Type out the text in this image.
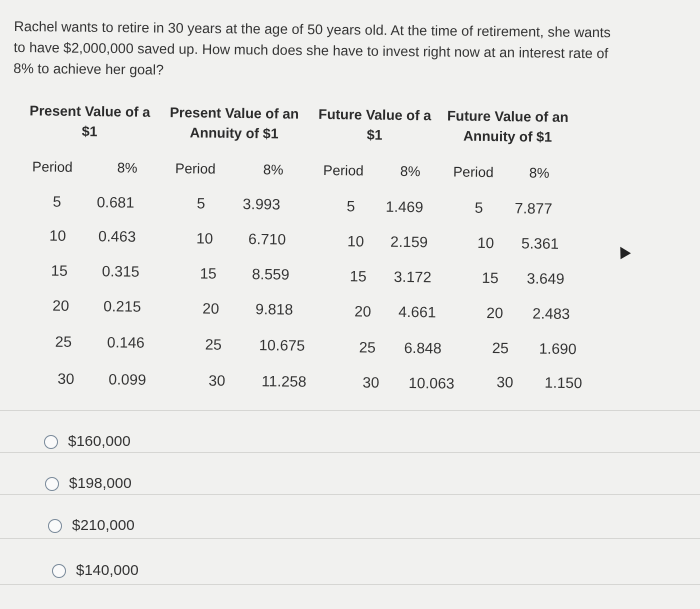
Rachel wants to retire in 30 years at the age of 50 years old. At the time of retirement, she wants
to have $2,000,000 saved up. How much does she have to invest right now at an interest rate of
8% to achieve her goal?
Present Value of a
$1
Period	8%
5 0.681
10 0.463
15 0.315
20 0.215
25 0.146
30 0.099
Present Value of an
Annuity of $1
Period	8%
5 3.993
10 6.710
15 8.559
20 9.818
25 10.675
30 11.258
Future Value of a
$1
Period	8%
5 1.469
10 2.159
15 3.172
20 4.661
25 6.848
30 10.063
Future Value of an
Annuity of $1
Period	8%
5 7.877
10 5.361
15 3.649
20 2.483
25 1.690
30 1.150
$160,000
$198,000
$210,000
$140,000
